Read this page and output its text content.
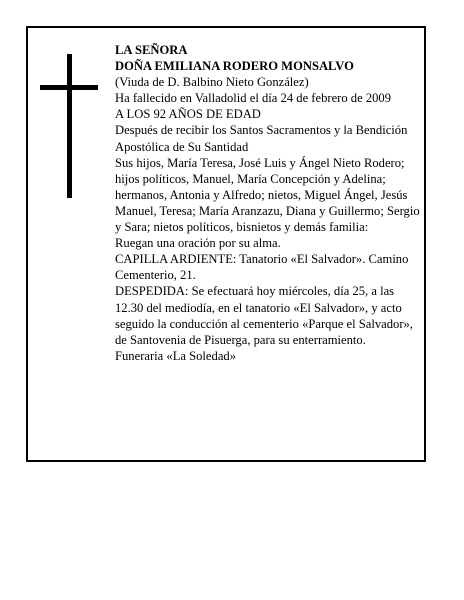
LA SEÑORA

DOÑA EMILIANA RODERO MONSALVO

(Viuda de D. Balbino Nieto González)

Ha fallecido en Valladolid el día 24 de febrero de 2009

A LOS 92 AÑOS DE EDAD

Después de recibir los Santos Sacramentos y la Bendición Apostólica de Su Santidad

Sus hijos, María Teresa, José Luis y Ángel Nieto Rodero; hijos políticos, Manuel, María Concepción y Adelina; hermanos, Antonia y Alfredo; nietos, Miguel Ángel, Jesús Manuel, Teresa; María Aranzazu, Diana y Guillermo; Sergio y Sara; nietos políticos, bisnietos y demás familia:

Ruegan una oración por su alma.

CAPILLA ARDIENTE: Tanatorio «El Salvador». Camino Cementerio, 21.

DESPEDIDA: Se efectuará hoy miércoles, día 25, a las 12.30 del mediodía, en el tanatorio «El Salvador», y acto seguido la conducción al cementerio «Parque el Salvador», de Santovenia de Pisuerga, para su enterramiento.

Funeraria «La Soledad»
